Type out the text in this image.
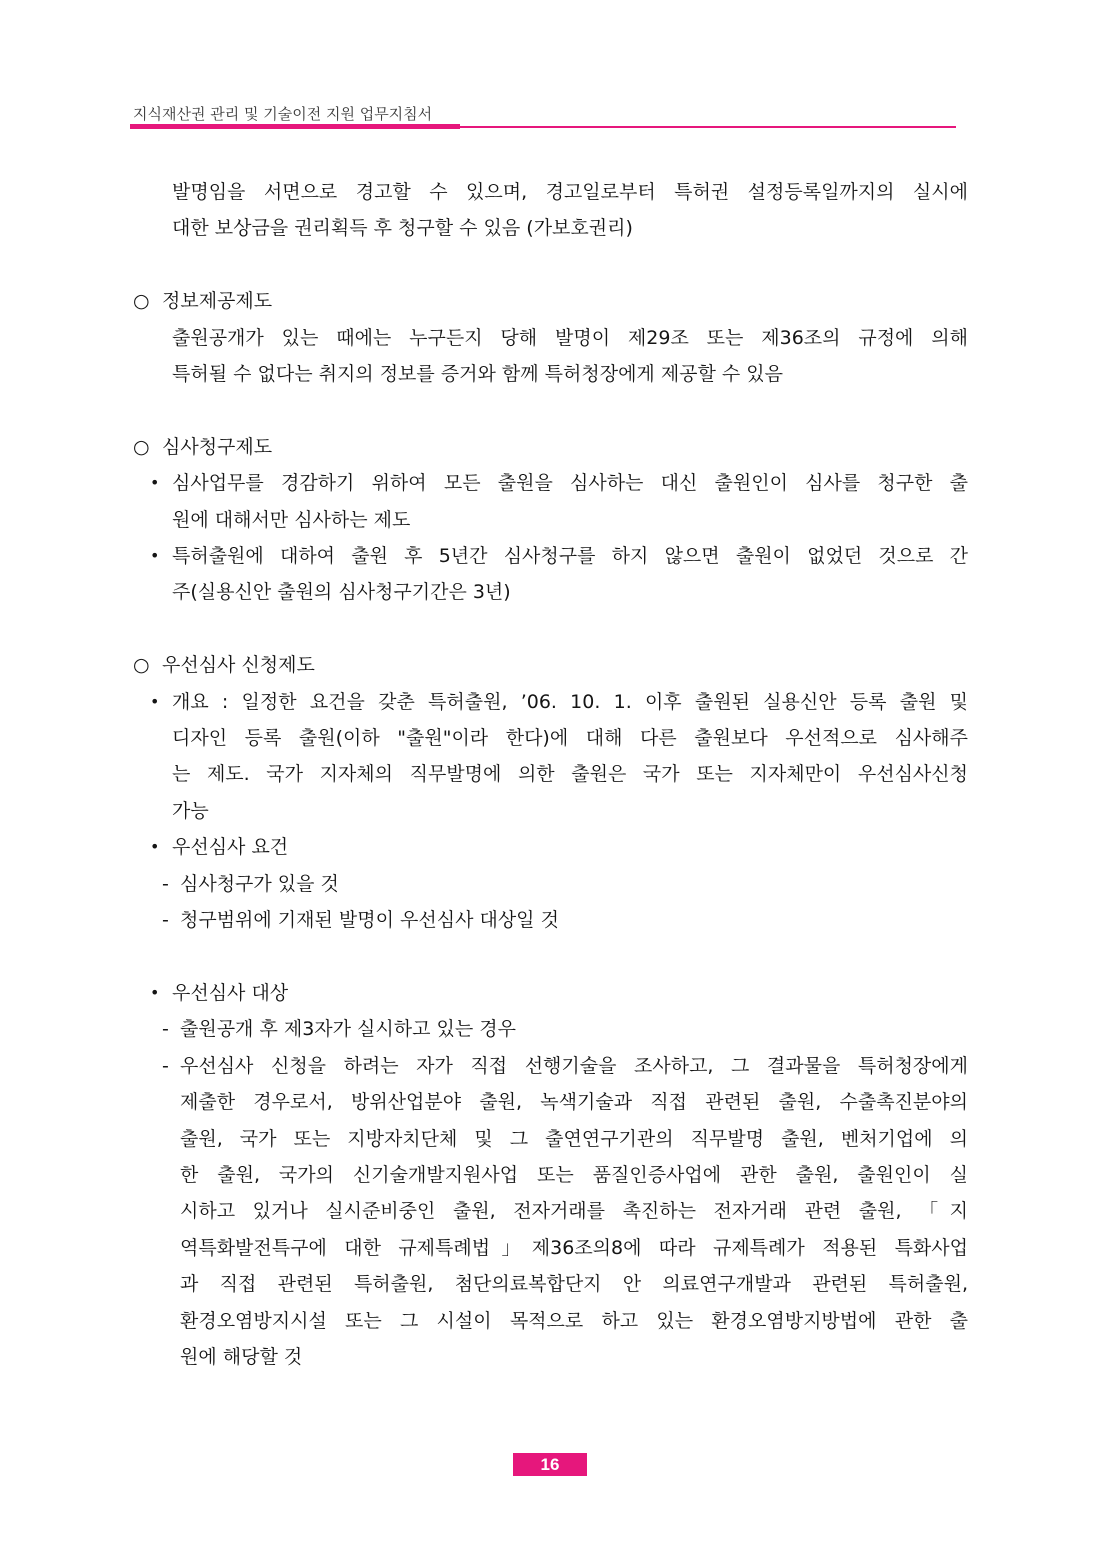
지식재산권 관리 및 기술이전 지원 업무지침서
발명임을 서면으로 경고할 수 있으며, 경고일로부터 특허권 설정등록일까지의 실시에
대한 보상금을 권리획득 후 청구할 수 있음 (가보호권리)
○ 정보제공제도
출원공개가 있는 때에는 누구든지 당해 발명이 제29조 또는 제36조의 규정에 의해
특허될 수 없다는 취지의 정보를 증거와 함께 특허청장에게 제공할 수 있음
○ 심사청구제도
• 심사업무를 경감하기 위하여 모든 출원을 심사하는 대신 출원인이 심사를 청구한 출
원에 대해서만 심사하는 제도
• 특허출원에 대하여 출원 후 5년간 심사청구를 하지 않으면 출원이 없었던 것으로 간
주(실용신안 출원의 심사청구기간은 3년)
○ 우선심사 신청제도
• 개요 : 일정한 요건을 갖춘 특허출원, ’06. 10. 1. 이후 출원된 실용신안 등록 출원 및
디자인 등록 출원(이하 "출원"이라 한다)에 대해 다른 출원보다 우선적으로 심사해주
는 제도. 국가 지자체의 직무발명에 의한 출원은 국가 또는 지자체만이 우선심사신청
가능
• 우선심사 요건
- 심사청구가 있을 것
- 청구범위에 기재된 발명이 우선심사 대상일 것
• 우선심사 대상
- 출원공개 후 제3자가 실시하고 있는 경우
- 우선심사 신청을 하려는 자가 직접 선행기술을 조사하고, 그 결과물을 특허청장에게
제출한 경우로서, 방위산업분야 출원, 녹색기술과 직접 관련된 출원, 수출촉진분야의
출원, 국가 또는 지방자치단체 및 그 출연연구기관의 직무발명 출원, 벤처기업에 의
한 출원, 국가의 신기술개발지원사업 또는 품질인증사업에 관한 출원, 출원인이 실
시하고 있거나 실시준비중인 출원, 전자거래를 촉진하는 전자거래 관련 출원, 「지
역특화발전특구에 대한 규제특례법」제36조의8에 따라 규제특례가 적용된 특화사업
과 직접 관련된 특허출원, 첨단의료복합단지 안 의료연구개발과 관련된 특허출원,
환경오염방지시설 또는 그 시설이 목적으로 하고 있는 환경오염방지방법에 관한 출
원에 해당할 것
16
